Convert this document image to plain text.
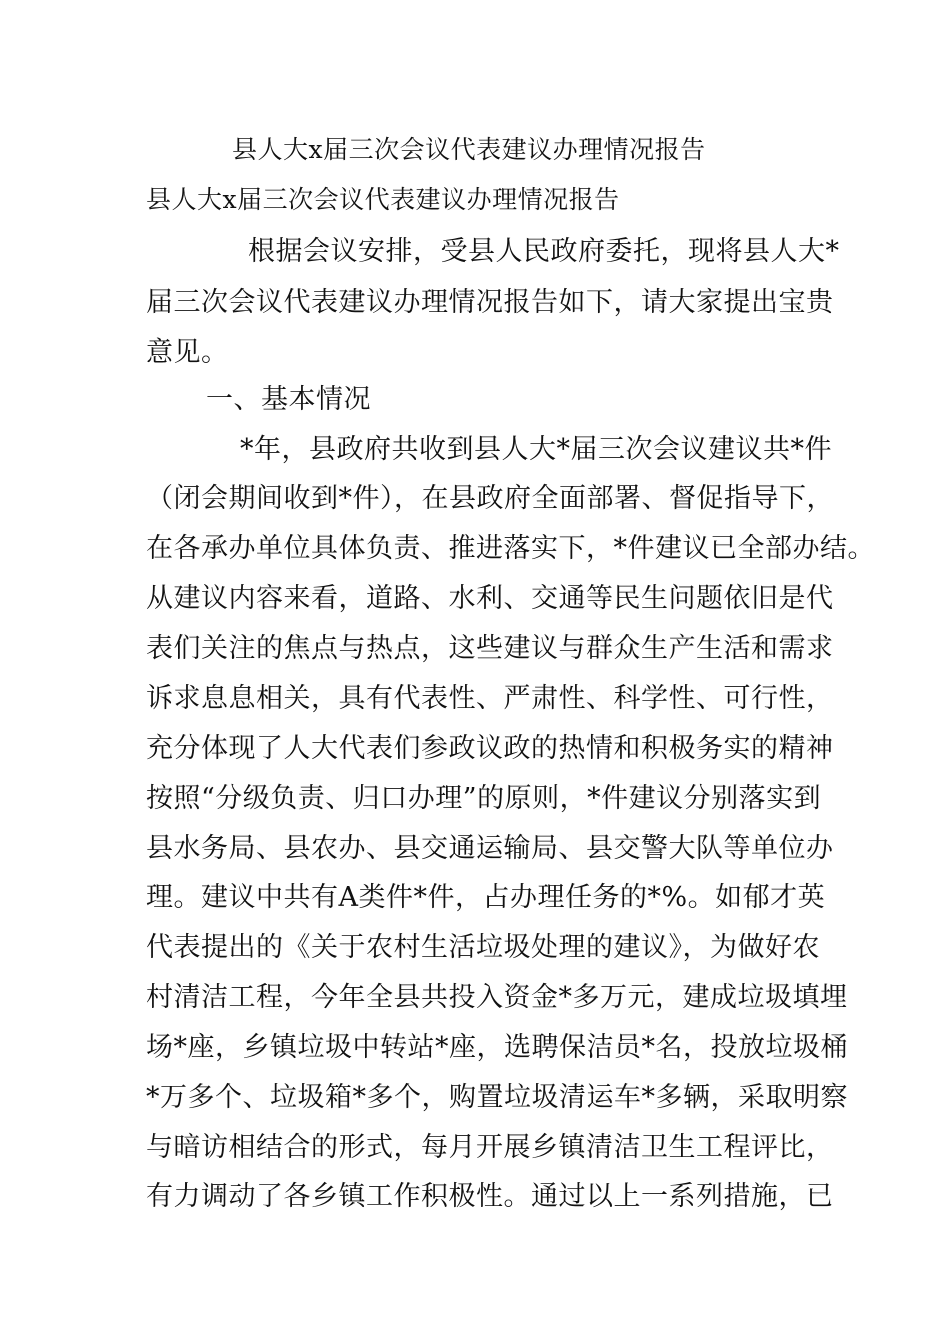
县人大x届三次会议代表建议办理情况报告
县人大x届三次会议代表建议办理情况报告
根据会议安排，受县人民政府委托，现将县人大*
届三次会议代表建议办理情况报告如下，请大家提出宝贵
意见。
一、基本情况
*年，县政府共收到县人大*届三次会议建议共*件
（闭会期间收到*件），在县政府全面部署、督促指导下，
在各承办单位具体负责、推进落实下，*件建议已全部办结。
从建议内容来看，道路、水利、交通等民生问题依旧是代
表们关注的焦点与热点，这些建议与群众生产生活和需求
诉求息息相关，具有代表性、严肃性、科学性、可行性，
充分体现了人大代表们参政议政的热情和积极务实的精神
按照“分级负责、归口办理”的原则，*件建议分别落实到
县水务局、县农办、县交通运输局、县交警大队等单位办
理。建议中共有A类件*件，占办理任务的*%。如郁才英
代表提出的《关于农村生活垃圾处理的建议》，为做好农
村清洁工程，今年全县共投入资金*多万元，建成垃圾填埋
场*座，乡镇垃圾中转站*座，选聘保洁员*名，投放垃圾桶
*万多个、垃圾箱*多个，购置垃圾清运车*多辆，采取明察
与暗访相结合的形式，每月开展乡镇清洁卫生工程评比，
有力调动了各乡镇工作积极性。通过以上一系列措施，已
